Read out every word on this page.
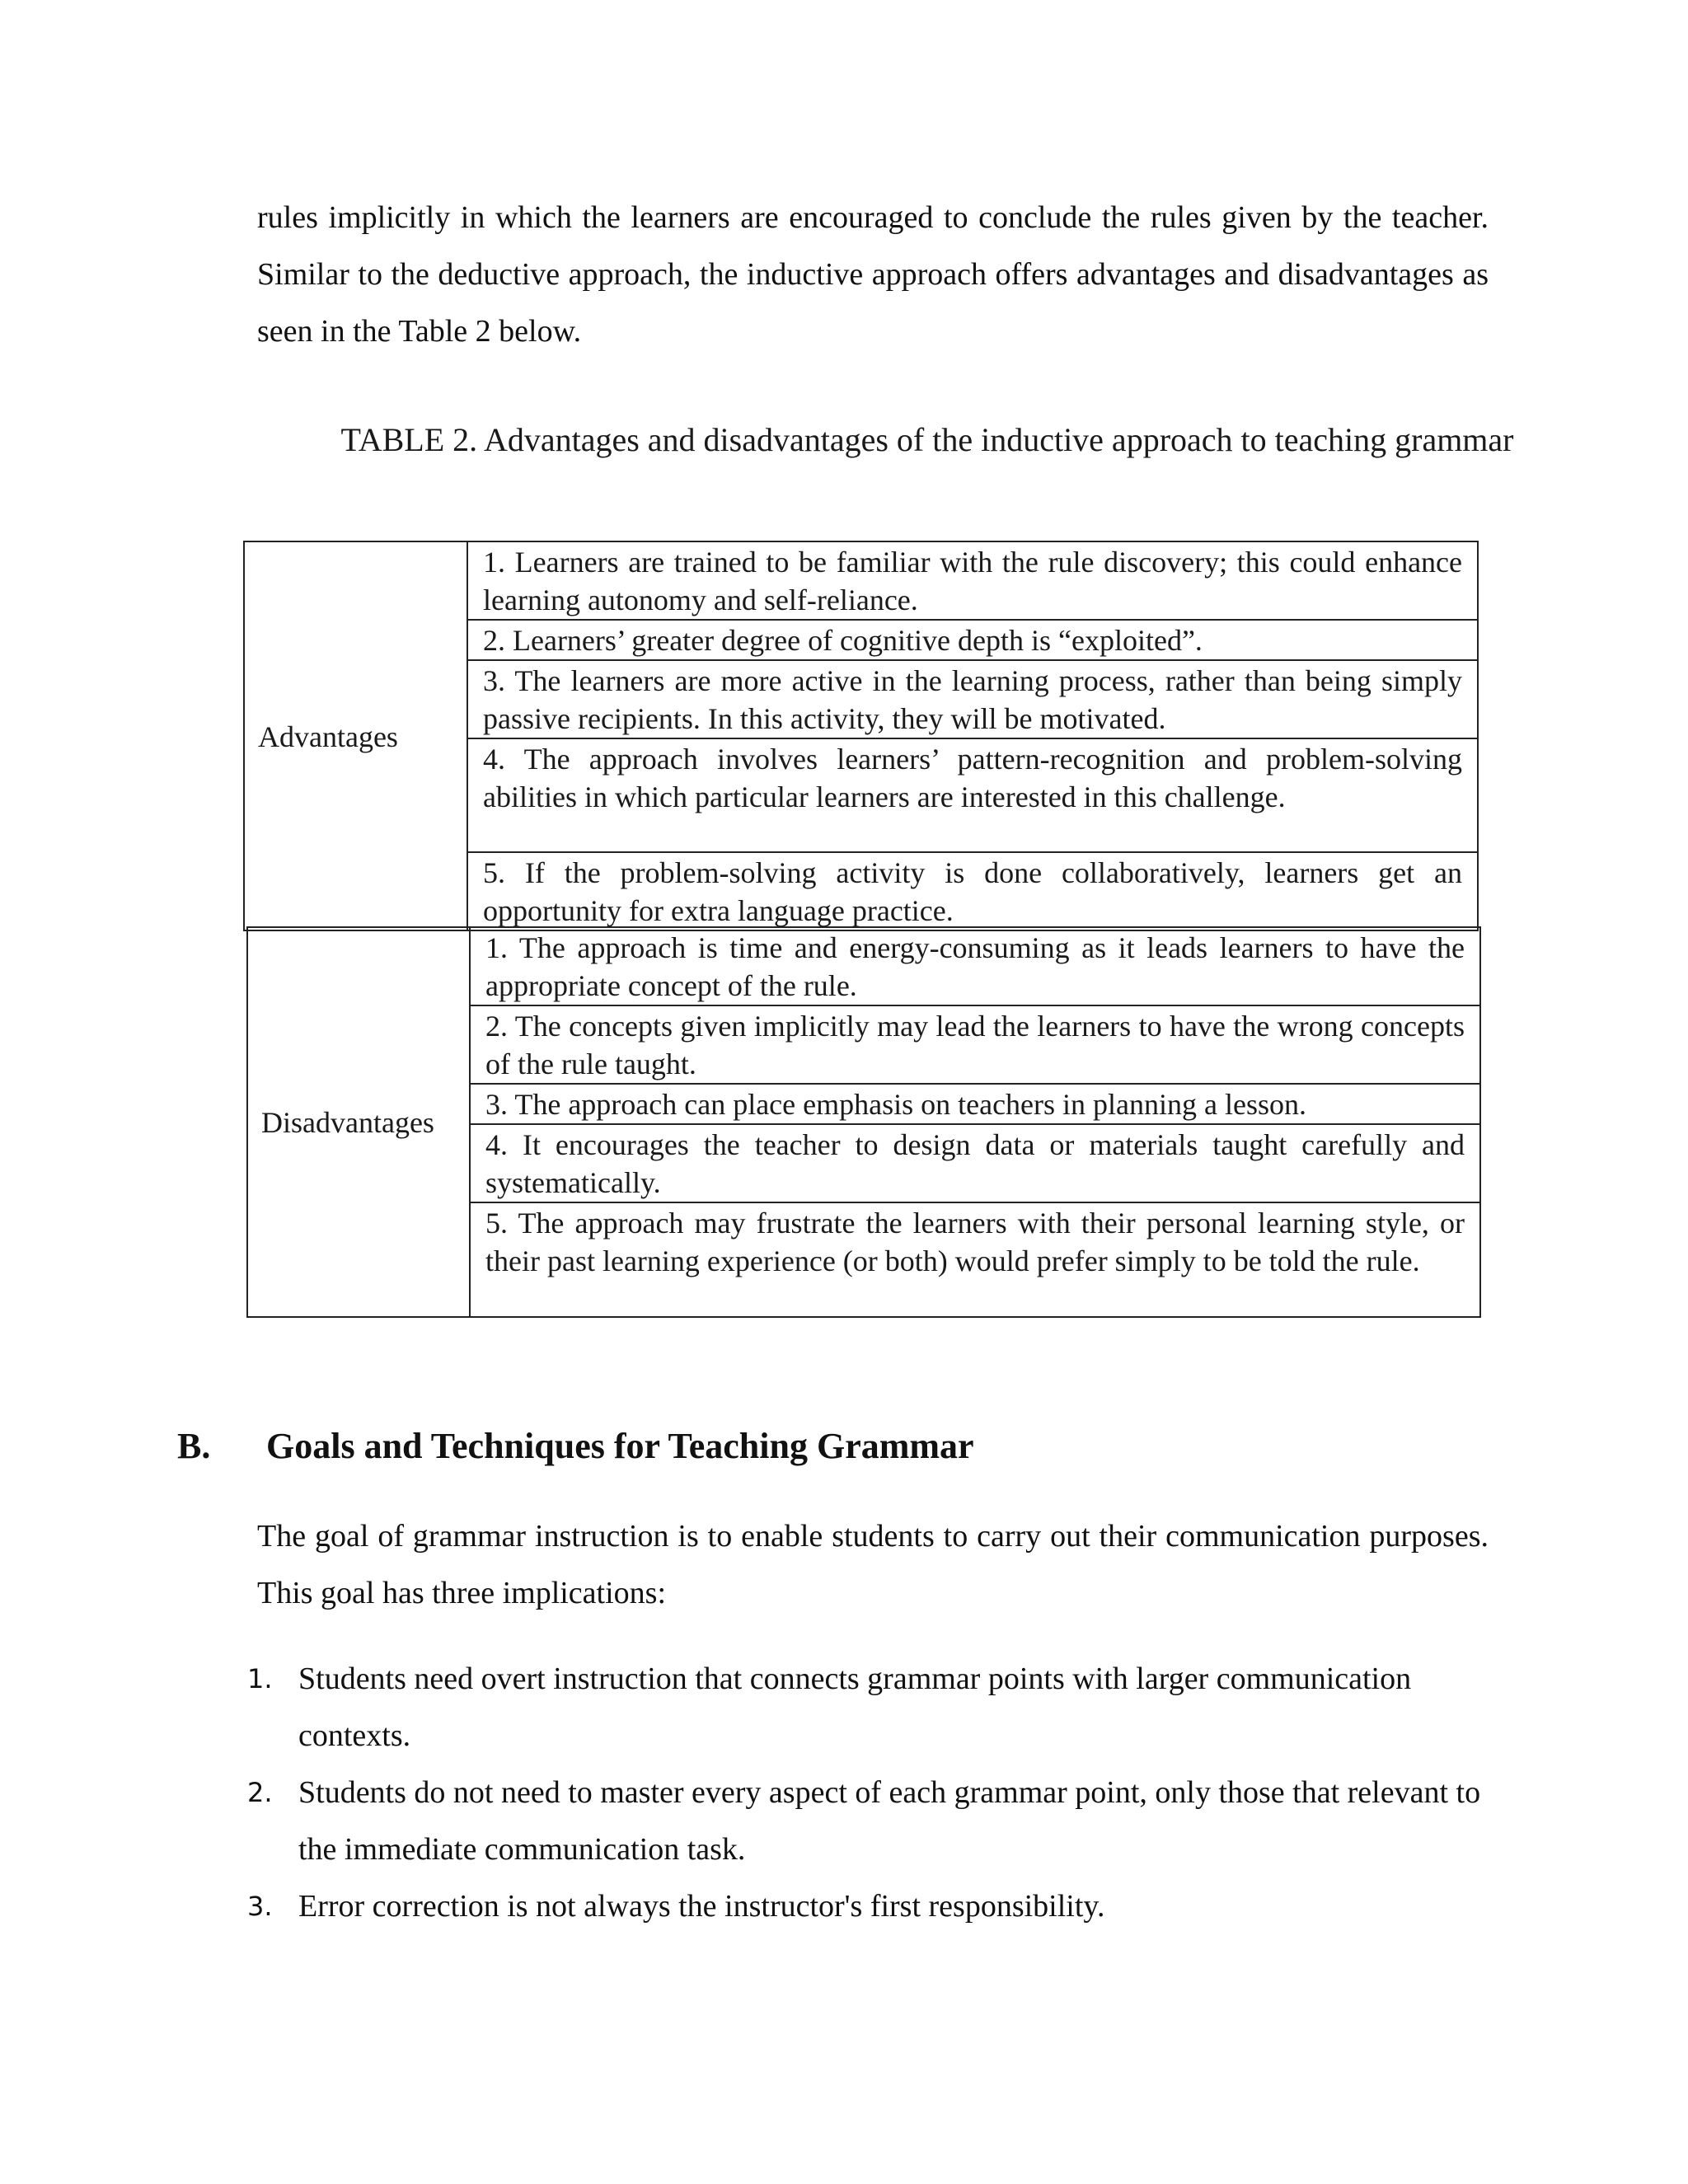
rules implicitly in which the learners are encouraged to conclude the rules given by the teacher. Similar to the deductive approach, the inductive approach offers advantages and disadvantages as seen in the Table 2 below.

TABLE 2. Advantages and disadvantages of the inductive approach to teaching grammar

Advantages	1. Learners are trained to be familiar with the rule discovery; this could enhance learning autonomy and self-reliance.
2. Learners’ greater degree of cognitive depth is “exploited”.
3. The learners are more active in the learning process, rather than being simply passive recipients. In this activity, they will be motivated.
4. The approach involves learners’ pattern-recognition and problem-solving abilities in which particular learners are interested in this challenge.
5. If the problem-solving activity is done collaboratively, learners get an opportunity for extra language practice.
Disadvantages	1. The approach is time and energy-consuming as it leads learners to have the appropriate concept of the rule.
2. The concepts given implicitly may lead the learners to have the wrong concepts of the rule taught.
3. The approach can place emphasis on teachers in planning a lesson.
4. It encourages the teacher to design data or materials taught carefully and systematically.
5. The approach may frustrate the learners with their personal learning style, or their past learning experience (or both) would prefer simply to be told the rule.
B. Goals and Techniques for Teaching Grammar

The goal of grammar instruction is to enable students to carry out their communication purposes. This goal has three implications:

1. Students need overt instruction that connects grammar points with larger communication contexts.
2. Students do not need to master every aspect of each grammar point, only those that relevant to the immediate communication task.
3. Error correction is not always the instructor's first responsibility.
